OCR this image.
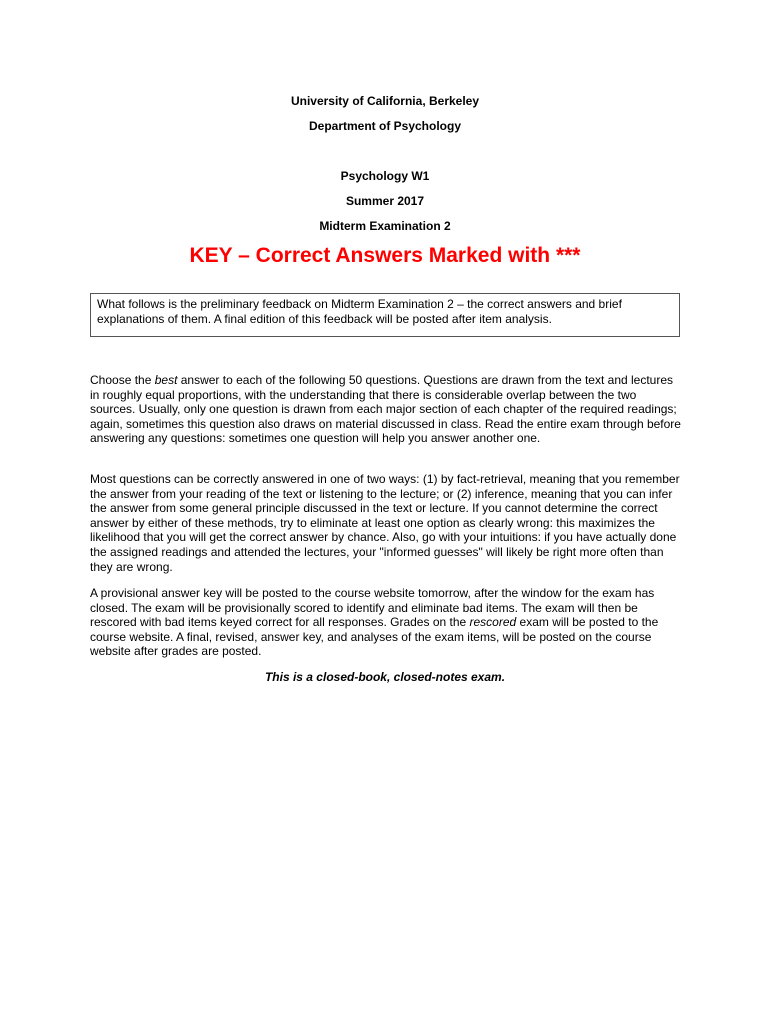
University of California, Berkeley
Department of Psychology
Psychology W1
Summer 2017
Midterm Examination 2
KEY – Correct Answers Marked with ***
What follows is the preliminary feedback on Midterm Examination 2 – the correct answers and brief explanations of them. A final edition of this feedback will be posted after item analysis.

Choose the best answer to each of the following 50 questions. Questions are drawn from the text and lectures in roughly equal proportions, with the understanding that there is considerable overlap between the two sources. Usually, only one question is drawn from each major section of each chapter of the required readings; again, sometimes this question also draws on material discussed in class. Read the entire exam through before answering any questions: sometimes one question will help you answer another one.

Most questions can be correctly answered in one of two ways: (1) by fact-retrieval, meaning that you remember the answer from your reading of the text or listening to the lecture; or (2) inference, meaning that you can infer the answer from some general principle discussed in the text or lecture. If you cannot determine the correct answer by either of these methods, try to eliminate at least one option as clearly wrong: this maximizes the likelihood that you will get the correct answer by chance. Also, go with your intuitions: if you have actually done the assigned readings and attended the lectures, your "informed guesses" will likely be right more often than they are wrong.

A provisional answer key will be posted to the course website tomorrow, after the window for the exam has closed. The exam will be provisionally scored to identify and eliminate bad items. The exam will then be rescored with bad items keyed correct for all responses. Grades on the rescored exam will be posted to the course website. A final, revised, answer key, and analyses of the exam items, will be posted on the course website after grades are posted.

This is a closed-book, closed-notes exam.
